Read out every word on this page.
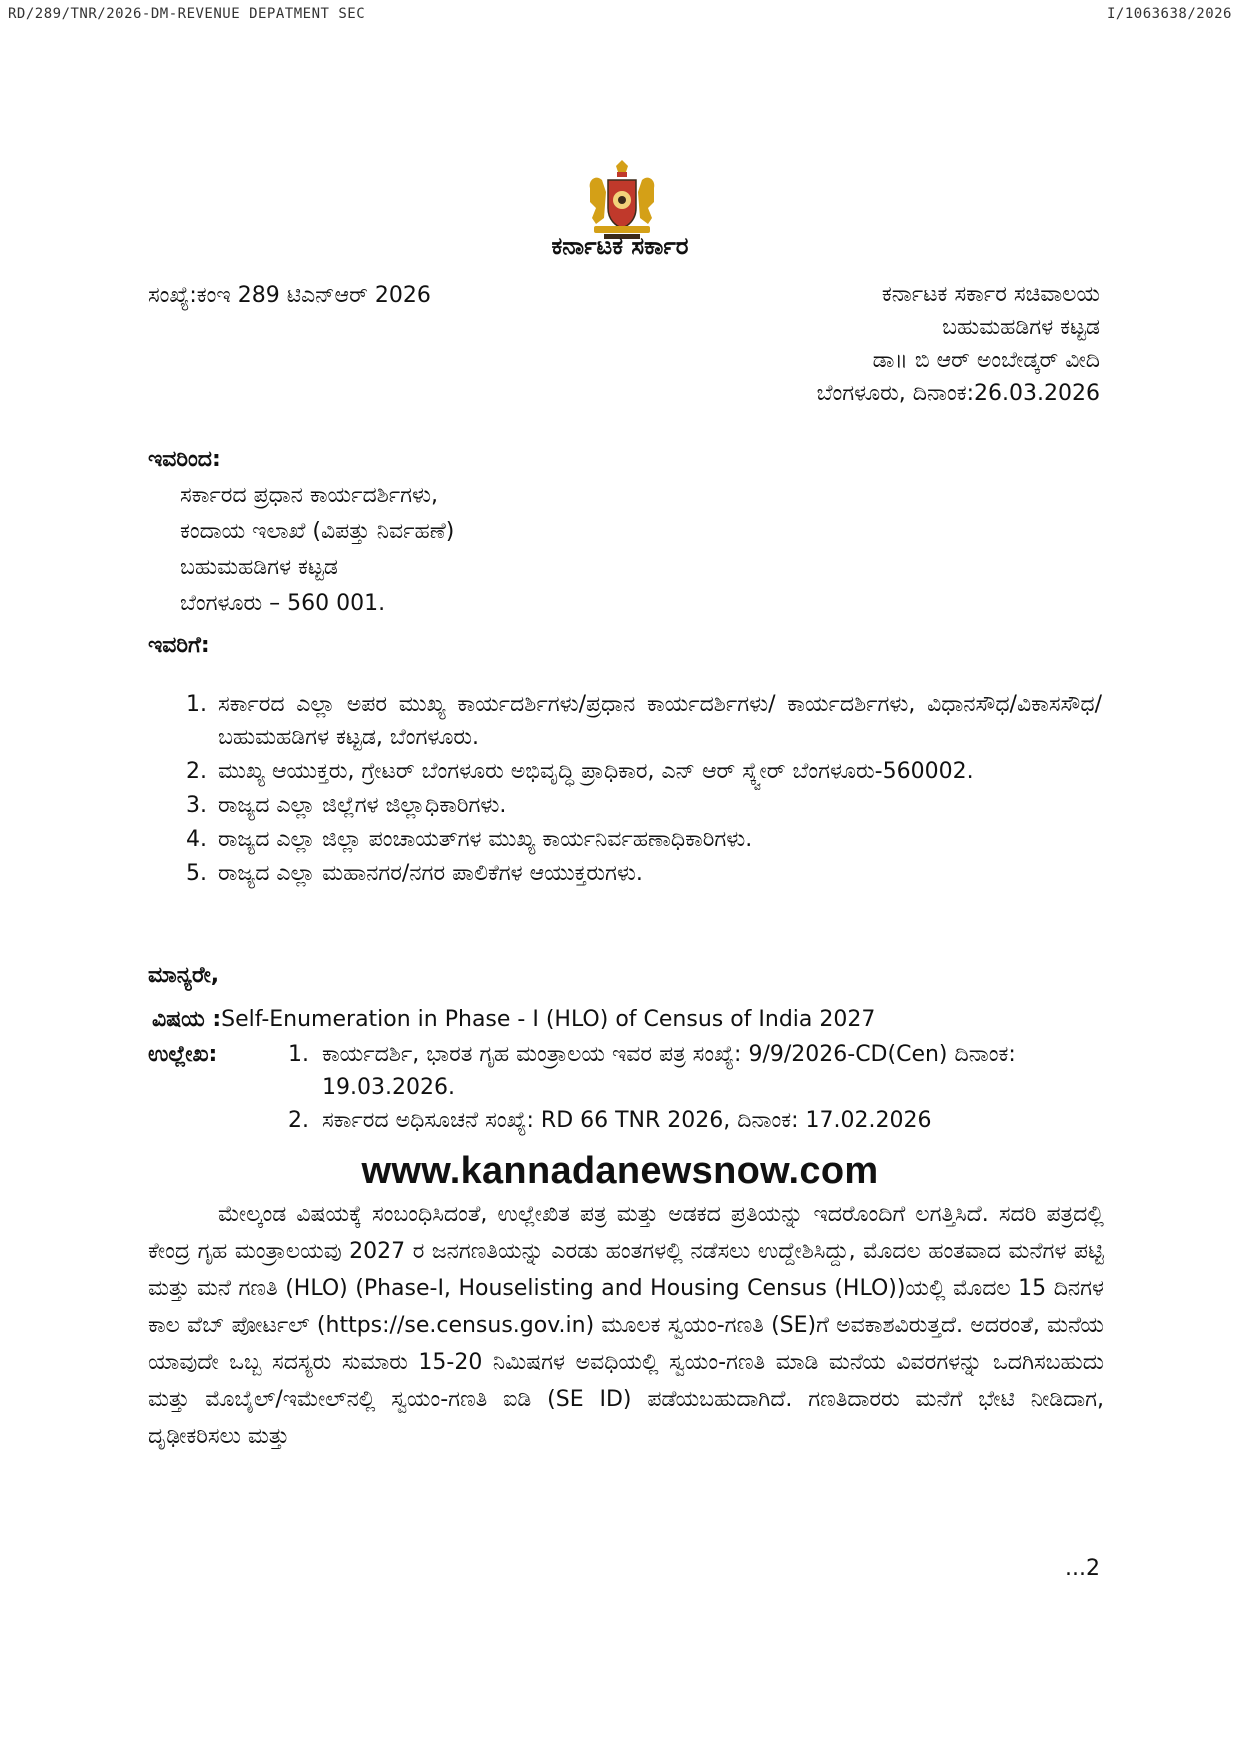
RD/289/TNR/2026-DM-REVENUE DEPATMENT SEC	I/1063638/2026
ಕರ್ನಾಟಕ ಸರ್ಕಾರ
ಸಂಖ್ಯೆ:ಕಂಇ 289 ಟಿಎನ್‌ಆರ್ 2026	ಕರ್ನಾಟಕ ಸರ್ಕಾರ ಸಚಿವಾಲಯ
ಬಹುಮಹಡಿಗಳ ಕಟ್ಟಡ
ಡಾ॥ ಬಿ ಆರ್ ಅಂಬೇಡ್ಕರ್ ವೀದಿ
ಬೆಂಗಳೂರು, ದಿನಾಂಕ:26.03.2026
ಇವರಿಂದ:
ಸರ್ಕಾರದ ಪ್ರಧಾನ ಕಾರ್ಯದರ್ಶಿಗಳು,
ಕಂದಾಯ ಇಲಾಖೆ (ವಿಪತ್ತು ನಿರ್ವಹಣೆ)
ಬಹುಮಹಡಿಗಳ ಕಟ್ಟಡ
ಬೆಂಗಳೂರು – 560 001.
ಇವರಿಗೆ:
1. ಸರ್ಕಾರದ ಎಲ್ಲಾ ಅಪರ ಮುಖ್ಯ ಕಾರ್ಯದರ್ಶಿಗಳು/ಪ್ರಧಾನ ಕಾರ್ಯದರ್ಶಿಗಳು/ ಕಾರ್ಯದರ್ಶಿಗಳು, ವಿಧಾನಸೌಧ/ವಿಕಾಸಸೌಧ/ ಬಹುಮಹಡಿಗಳ ಕಟ್ಟಡ, ಬೆಂಗಳೂರು.
2. ಮುಖ್ಯ ಆಯುಕ್ತರು, ಗ್ರೇಟರ್ ಬೆಂಗಳೂರು ಅಭಿವೃದ್ಧಿ ಪ್ರಾಧಿಕಾರ, ಎನ್ ಆರ್ ಸ್ಕ್ವೇರ್ ಬೆಂಗಳೂರು-560002.
3. ರಾಜ್ಯದ ಎಲ್ಲಾ ಜಿಲ್ಲೆಗಳ ಜಿಲ್ಲಾಧಿಕಾರಿಗಳು.
4. ರಾಜ್ಯದ ಎಲ್ಲಾ ಜಿಲ್ಲಾ ಪಂಚಾಯತ್‌ಗಳ ಮುಖ್ಯ ಕಾರ್ಯನಿರ್ವಹಣಾಧಿಕಾರಿಗಳು.
5. ರಾಜ್ಯದ ಎಲ್ಲಾ ಮಹಾನಗರ/ನಗರ ಪಾಲಿಕೆಗಳ ಆಯುಕ್ತರುಗಳು.
ಮಾನ್ಯರೇ,
ವಿಷಯ :Self-Enumeration in Phase - I (HLO) of Census of India 2027
ಉಲ್ಲೇಖ:	1. ಕಾರ್ಯದರ್ಶಿ, ಭಾರತ ಗೃಹ ಮಂತ್ರಾಲಯ ಇವರ ಪತ್ರ ಸಂಖ್ಯೆ: 9/9/2026-CD(Cen) ದಿನಾಂಕ: 19.03.2026.
2. ಸರ್ಕಾರದ ಅಧಿಸೂಚನೆ ಸಂಖ್ಯೆ: RD 66 TNR 2026, ದಿನಾಂಕ: 17.02.2026
www.kannadanewsnow.com
ಮೇಲ್ಕಂಡ ವಿಷಯಕ್ಕೆ ಸಂಬಂಧಿಸಿದಂತೆ, ಉಲ್ಲೇಖಿತ ಪತ್ರ ಮತ್ತು ಅಡಕದ ಪ್ರತಿಯನ್ನು ಇದರೊಂದಿಗೆ ಲಗತ್ತಿಸಿದೆ. ಸದರಿ ಪತ್ರದಲ್ಲಿ ಕೇಂದ್ರ ಗೃಹ ಮಂತ್ರಾಲಯವು 2027 ರ ಜನಗಣತಿಯನ್ನು ಎರಡು ಹಂತಗಳಲ್ಲಿ ನಡೆಸಲು ಉದ್ದೇಶಿಸಿದ್ದು, ಮೊದಲ ಹಂತವಾದ ಮನೆಗಳ ಪಟ್ಟಿ ಮತ್ತು ಮನೆ ಗಣತಿ (HLO) (Phase-I, Houselisting and Housing Census (HLO))ಯಲ್ಲಿ ಮೊದಲ 15 ದಿನಗಳ ಕಾಲ ವೆಬ್ ಪೋರ್ಟಲ್ (https://se.census.gov.in) ಮೂಲಕ ಸ್ವಯಂ-ಗಣತಿ (SE)ಗೆ ಅವಕಾಶವಿರುತ್ತದೆ. ಅದರಂತೆ, ಮನೆಯ ಯಾವುದೇ ಒಬ್ಬ ಸದಸ್ಯರು ಸುಮಾರು 15-20 ನಿಮಿಷಗಳ ಅವಧಿಯಲ್ಲಿ ಸ್ವಯಂ-ಗಣತಿ ಮಾಡಿ ಮನೆಯ ವಿವರಗಳನ್ನು ಒದಗಿಸಬಹುದು ಮತ್ತು ಮೊಬೈಲ್/ಇಮೇಲ್‌ನಲ್ಲಿ ಸ್ವಯಂ-ಗಣತಿ ಐಡಿ (SE ID) ಪಡೆಯಬಹುದಾಗಿದೆ. ಗಣತಿದಾರರು ಮನೆಗೆ ಭೇಟಿ ನೀಡಿದಾಗ, ದೃಢೀಕರಿಸಲು ಮತ್ತು
...2
